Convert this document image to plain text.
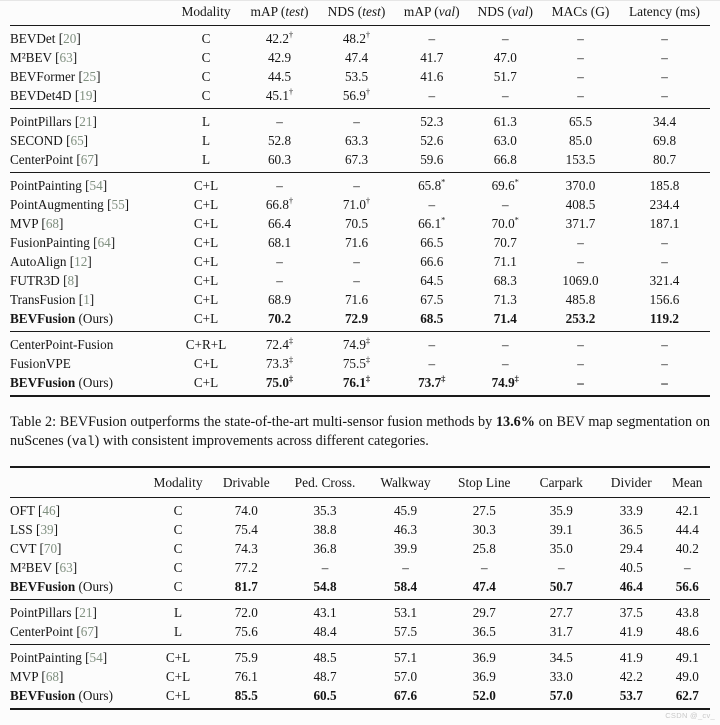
	Modality	mAP (test)	NDS (test)	mAP (val)	NDS (val)	MACs (G)	Latency (ms)
BEVDet [20]	C	42.2†	48.2†	–	–	–	–
M²BEV [63]	C	42.9	47.4	41.7	47.0	–	–
BEVFormer [25]	C	44.5	53.5	41.6	51.7	–	–
BEVDet4D [19]	C	45.1†	56.9†	–	–	–	–
PointPillars [21]	L	–	–	52.3	61.3	65.5	34.4
SECOND [65]	L	52.8	63.3	52.6	63.0	85.0	69.8
CenterPoint [67]	L	60.3	67.3	59.6	66.8	153.5	80.7
PointPainting [54]	C+L	–	–	65.8*	69.6*	370.0	185.8
PointAugmenting [55]	C+L	66.8†	71.0†	–	–	408.5	234.4
MVP [68]	C+L	66.4	70.5	66.1*	70.0*	371.7	187.1
FusionPainting [64]	C+L	68.1	71.6	66.5	70.7	–	–
AutoAlign [12]	C+L	–	–	66.6	71.1	–	–
FUTR3D [8]	C+L	–	–	64.5	68.3	1069.0	321.4
TransFusion [1]	C+L	68.9	71.6	67.5	71.3	485.8	156.6
BEVFusion (Ours)	C+L	70.2	72.9	68.5	71.4	253.2	119.2
CenterPoint-Fusion	C+R+L	72.4‡	74.9‡	–	–	–	–
FusionVPE	C+L	73.3‡	75.5‡	–	–	–	–
BEVFusion (Ours)	C+L	75.0‡	76.1‡	73.7‡	74.9‡	–	–

Table 2: BEVFusion outperforms the state-of-the-art multi-sensor fusion methods by 13.6% on BEV map segmentation on nuScenes (val) with consistent improvements across different categories.

	Modality	Drivable	Ped. Cross.	Walkway	Stop Line	Carpark	Divider	Mean
OFT [46]	C	74.0	35.3	45.9	27.5	35.9	33.9	42.1
LSS [39]	C	75.4	38.8	46.3	30.3	39.1	36.5	44.4
CVT [70]	C	74.3	36.8	39.9	25.8	35.0	29.4	40.2
M²BEV [63]	C	77.2	–	–	–	–	40.5	–
BEVFusion (Ours)	C	81.7	54.8	58.4	47.4	50.7	46.4	56.6
PointPillars [21]	L	72.0	43.1	53.1	29.7	27.7	37.5	43.8
CenterPoint [67]	L	75.6	48.4	57.5	36.5	31.7	41.9	48.6
PointPainting [54]	C+L	75.9	48.5	57.1	36.9	34.5	41.9	49.1
MVP [68]	C+L	76.1	48.7	57.0	36.9	33.0	42.2	49.0
BEVFusion (Ours)	C+L	85.5	60.5	67.6	52.0	57.0	53.7	62.7
CSDN @_cv_
